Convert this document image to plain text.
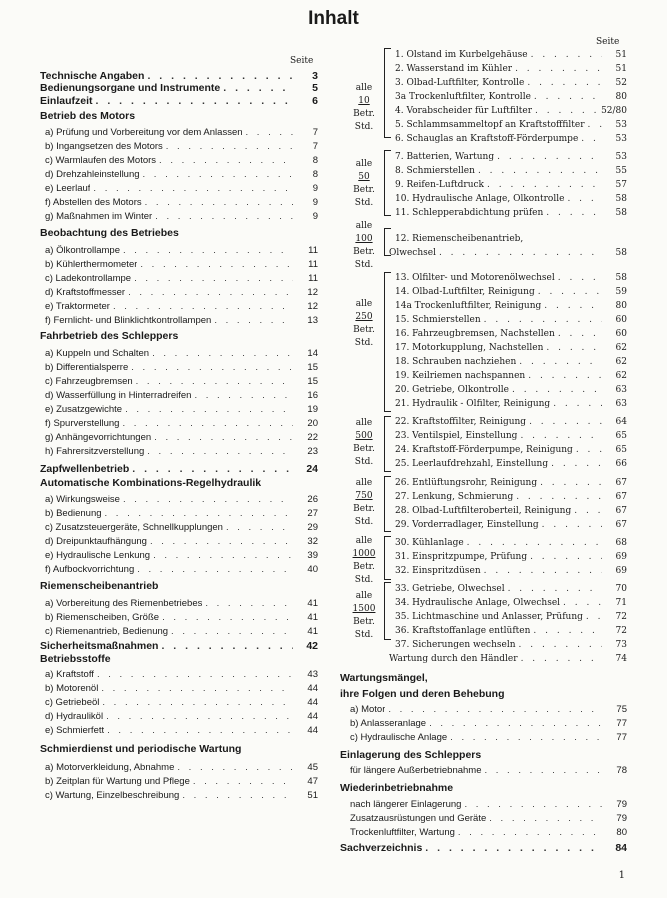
Inhalt
Seite
Seite
Technische Angaben . . .	3
Bedienungsorgane und Instrumente . . .	5
Einlaufzeit . . .	6
Betrieb des Motors
a) Prüfung und Vorbereitung vor dem Anlassen . . .	7
b) Ingangsetzen des Motors . . .	7
c) Warmlaufen des Motors . . .	8
d) Drehzahleinstellung . . .	8
e) Leerlauf . . .	9
f) Abstellen des Motors . . .	9
g) Maßnahmen im Winter . . .	9
Beobachtung des Betriebes
a) Ölkontrollampe . . .	11
b) Kühlerthermometer . . .	11
c) Ladekontrollampe . . .	11
d) Kraftstoffmesser . . .	12
e) Traktormeter . . .	12
f) Fernlicht- und Blinklichtkontrollampen . . .	13
Fahrbetrieb des Schleppers
a) Kuppeln und Schalten . . .	14
b) Differentialsperre . . .	15
c) Fahrzeugbremsen . . .	15
d) Wasserfüllung in Hinterradreifen . . .	16
e) Zusatzgewichte . . .	19
f) Spurverstellung . . .	20
g) Anhängevorrichtungen . . .	22
h) Fahrersitzverstellung . . .	23
Zapfwellenbetrieb . . .	24
Automatische Kombinations-Regelhydraulik
a) Wirkungsweise . . .	26
b) Bedienung . . .	27
c) Zusatzsteuergeräte, Schnellkupplungen . . .	29
d) Dreipunktaufhängung . . .	32
e) Hydraulische Lenkung . . .	39
f) Aufbockvorrichtung . . .	40
Riemenscheibenantrieb
a) Vorbereitung des Riemenbetriebes . . .	41
b) Riemenscheiben, Größe . . .	41
c) Riemenantrieb, Bedienung . . .	41
Sicherheitsmaßnahmen . . .	42
Betriebsstoffe
a) Kraftstoff . . .	43
b) Motorenöl . . .	44
c) Getriebeöl . . .	44
d) Hydrauliköl . . .	44
e) Schmierfett . . .	44
Schmierdienst und periodische Wartung
a) Motorverkleidung, Abnahme . . .	45
b) Zeitplan für Wartung und Pflege . . .	47
c) Wartung, Einzelbeschreibung . . .	51
1. Ölstand im Kurbelgehäuse . . .	51
2. Wasserstand im Kühler . . .	51
3. Ölbad-Luftfilter, Kontrolle . . .	52
3a Trockenluftfilter, Kontrolle . . .	80
4. Vorabscheider für Luftfilter . . .	52/80
5. Schlammsammeltopf an Kraftstofffilter . . .	53
6. Schauglas an Kraftstoff-Förderpumpe . . .	53
7. Batterien, Wartung . . .	53
8. Schmierstellen . . .	55
9. Reifen-Luftdruck . . .	57
10. Hydraulische Anlage, Ölkontrolle . . .	58
11. Schlepperabdichtung prüfen . . .	58
12. Riemenscheibenantrieb,
Ölwechsel . . .	58
13. Ölfilter- und Motorenölwechsel . . .	58
14. Ölbad-Luftfilter, Reinigung . . .	59
14a Trockenluftfilter, Reinigung . . .	80
15. Schmierstellen . . .	60
16. Fahrzeugbremsen, Nachstellen . . .	60
17. Motorkupplung, Nachstellen . . .	62
18. Schrauben nachziehen . . .	62
19. Keilriemen nachspannen . . .	62
20. Getriebe, Ölkontrolle . . .	63
21. Hydraulik - Ölfilter, Reinigung . . .	63
22. Kraftstoffilter, Reinigung . . .	64
23. Ventilspiel, Einstellung . . .	65
24. Kraftstoff-Förderpumpe, Reinigung . . .	65
25. Leerlaufdrehzahl, Einstellung . . .	66
26. Entlüftungsrohr, Reinigung . . .	67
27. Lenkung, Schmierung . . .	67
28. Ölbad-Luftfilteroberteil, Reinigung . . .	67
29. Vorderradlager, Einstellung . . .	67
30. Kühlanlage . . .	68
31. Einspritzpumpe, Prüfung . . .	69
32. Einspritzdüsen . . .	69
33. Getriebe, Ölwechsel . . .	70
34. Hydraulische Anlage, Ölwechsel . . .	71
35. Lichtmaschine und Anlasser, Prüfung . . .	72
36. Kraftstoffanlage entlüften . . .	72
37. Sicherungen wechseln . . .	73
Wartung durch den Händler . . .	74
alle
10
Betr.
Std.
alle
50
Betr.
Std.
alle
100
Betr.
Std.
alle
250
Betr.
Std.
alle
500
Betr.
Std.
alle
750
Betr.
Std.
alle
1000
Betr.
Std.
alle
1500
Betr.
Std.
Wartungsmängel,
ihre Folgen und deren Behebung
a) Motor . . .	75
b) Anlasseranlage . . .	77
c) Hydraulische Anlage . . .	77
Einlagerung des Schleppers
für längere Außerbetriebnahme . . .	78
Wiederinbetriebnahme
nach längerer Einlagerung . . .	79
Zusatzausrüstungen und Geräte . . .	79
Trockenluftfilter, Wartung . . .	80
Sachverzeichnis . . .	84
1
